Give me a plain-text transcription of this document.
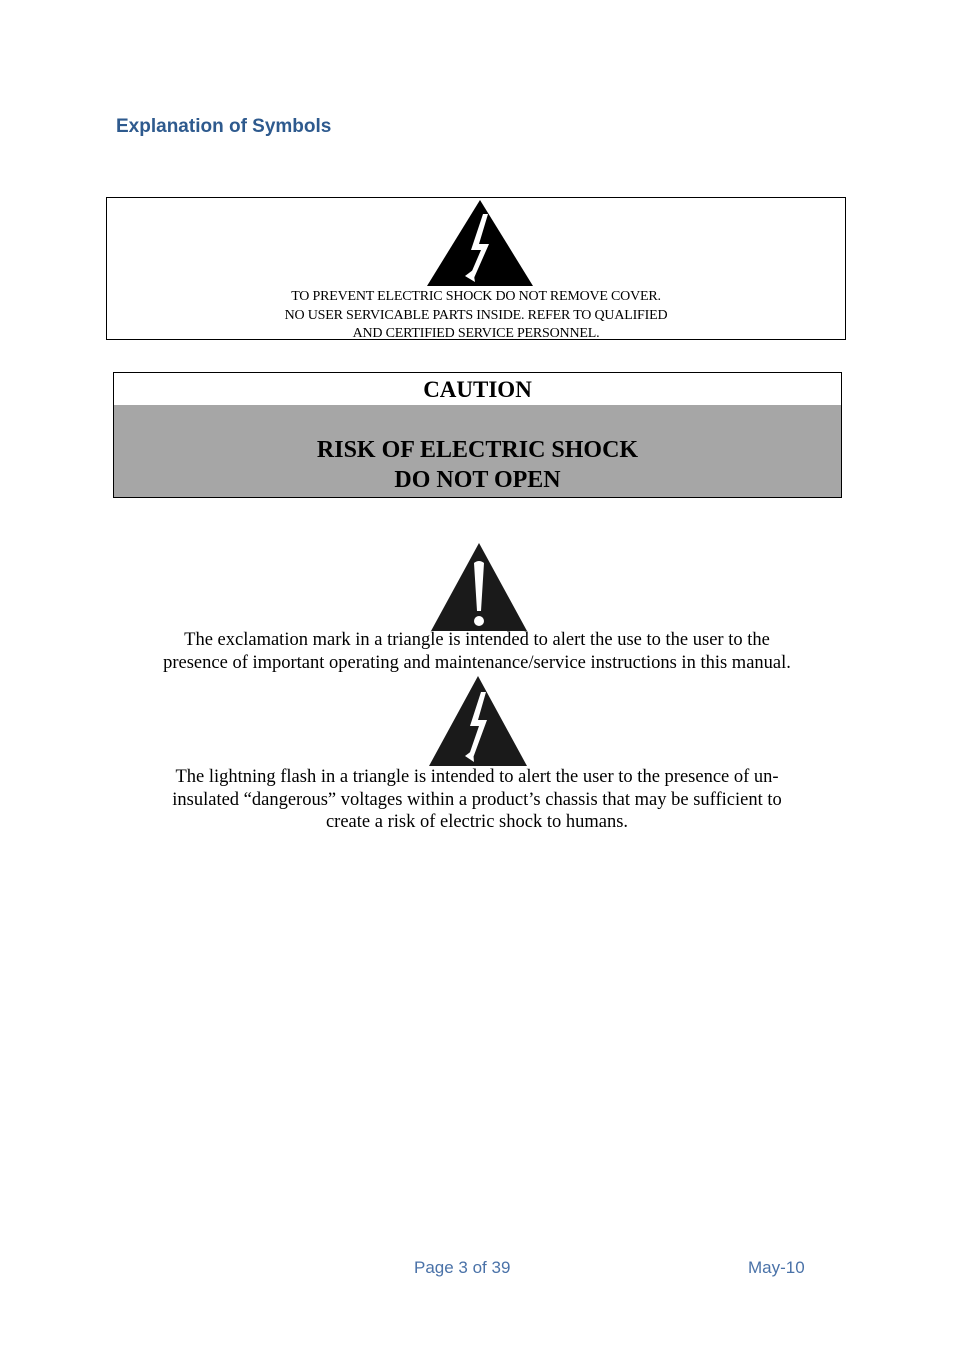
Explanation of Symbols
TO PREVENT ELECTRIC SHOCK DO NOT REMOVE COVER.
NO USER SERVICABLE PARTS INSIDE. REFER TO QUALIFIED
AND CERTIFIED SERVICE PERSONNEL.
CAUTION
RISK OF ELECTRIC SHOCK
DO NOT OPEN
The exclamation mark in a triangle is intended to alert the use to the user to the
presence of important operating and maintenance/service instructions in this manual.
The lightning flash in a triangle is intended to alert the user to the presence of un-
insulated “dangerous” voltages within a product’s chassis that may be sufficient to
create a risk of electric shock to humans.
Page 3 of 39	May-10
